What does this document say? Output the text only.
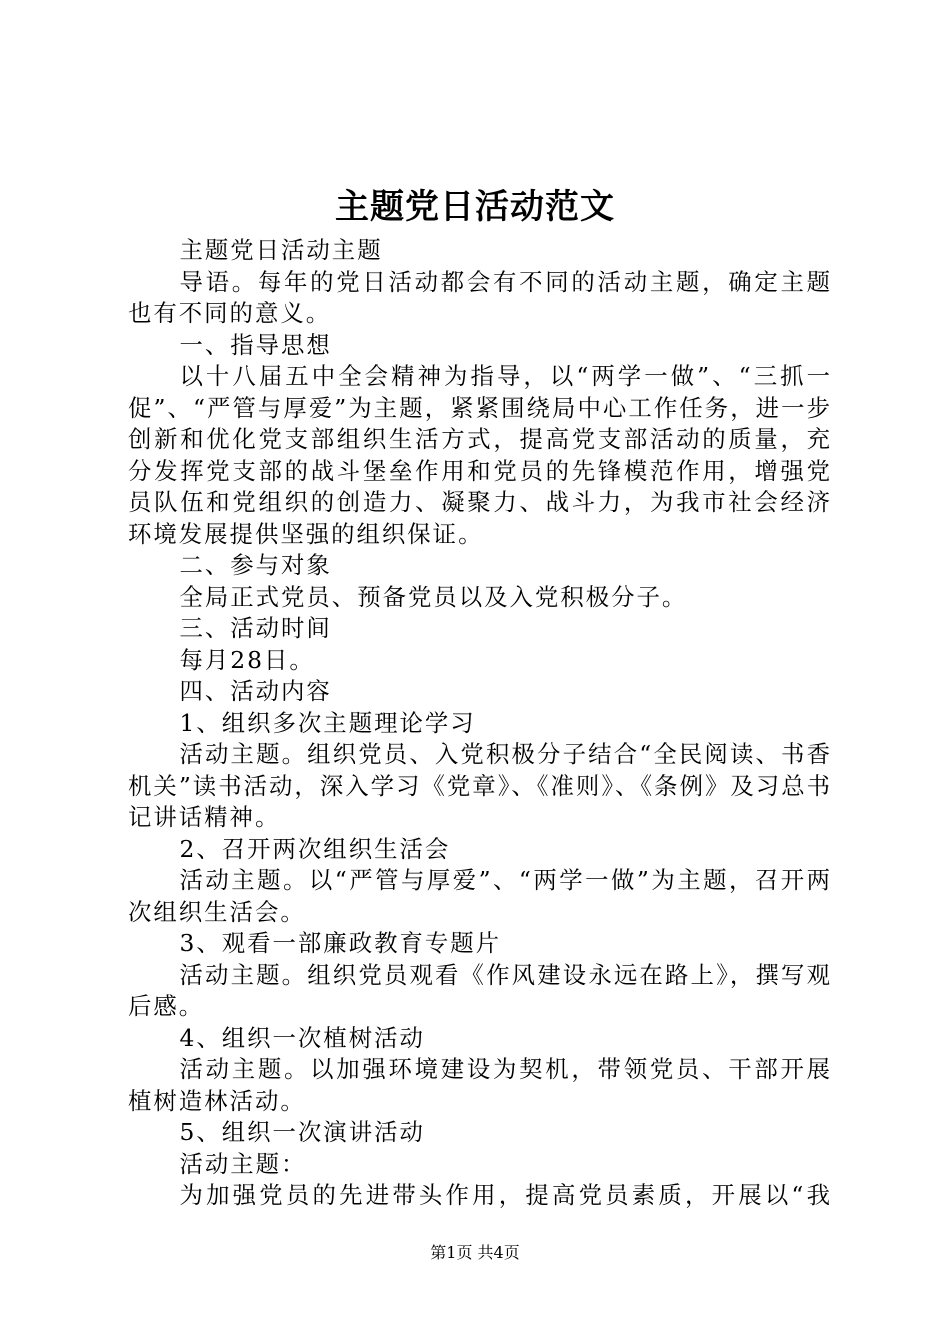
主题党日活动范文

主题党日活动主题

导语。每年的党日活动都会有不同的活动主题，确定主题也有不同的意义。

一、指导思想

以十八届五中全会精神为指导，以“两学一做”、“三抓一促”、“严管与厚爱”为主题，紧紧围绕局中心工作任务，进一步创新和优化党支部组织生活方式，提高党支部活动的质量，充分发挥党支部的战斗堡垒作用和党员的先锋模范作用，增强党员队伍和党组织的创造力、凝聚力、战斗力，为我市社会经济环境发展提供坚强的组织保证。

二、参与对象

全局正式党员、预备党员以及入党积极分子。

三、活动时间

每月28日。

四、活动内容

1、组织多次主题理论学习

活动主题。组织党员、入党积极分子结合“全民阅读、书香机关”读书活动，深入学习《党章》、《准则》、《条例》及习总书记讲话精神。

2、召开两次组织生活会

活动主题。以“严管与厚爱”、“两学一做”为主题，召开两次组织生活会。

3、观看一部廉政教育专题片

活动主题。组织党员观看《作风建设永远在路上》，撰写观后感。

4、组织一次植树活动

活动主题。以加强环境建设为契机，带领党员、干部开展植树造林活动。

5、组织一次演讲活动

活动主题：

为加强党员的先进带头作用，提高党员素质，开展以“我

第1页 共4页
